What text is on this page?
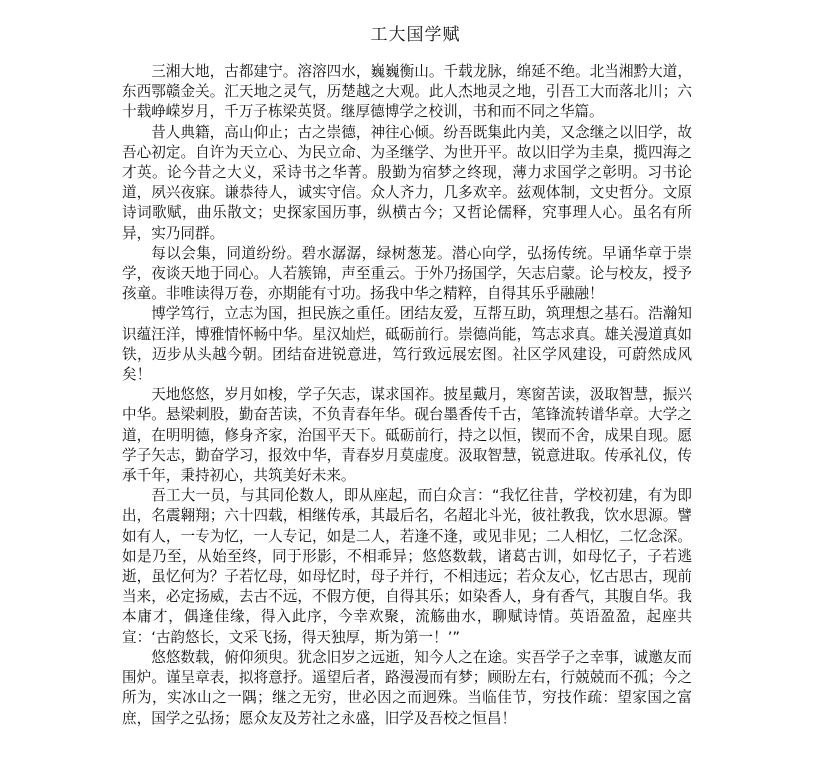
工大国学赋

三湘大地，古都建宁。溶溶四水，巍巍衡山。千载龙脉，绵延不绝。北当湘黔大道，东西鄂赣金关。汇天地之灵气，历楚越之大观。此人杰地灵之地，引吾工大而落北川；六十载峥嵘岁月，千万子栋梁英贤。继厚德博学之校训，书和而不同之华篇。

昔人典籍，高山仰止；古之崇德，神往心倾。纷吾既集此内美，又念继之以旧学，故吾心初定。自许为天立心、为民立命、为圣继学、为世开平。故以旧学为圭臬，揽四海之才英。论今昔之大义，采诗书之华菁。殷勤为宿梦之终现，薄力求国学之彰明。习书论道，夙兴夜寐。谦恭待人，诚实守信。众人齐力，几多欢辛。兹观体制，文史哲分。文原诗词歌赋，曲乐散文；史探家国历事，纵横古今；又哲论儒释，究事理人心。虽名有所异，实乃同群。

每以会集，同道纷纷。碧水潺潺，绿树葱茏。潜心向学，弘扬传统。早诵华章于崇学，夜谈天地于同心。人若簇锦，声至重云。于外乃扬国学，矢志启蒙。论与校友，授予孩童。非唯读得万卷，亦期能有寸功。扬我中华之精粹，自得其乐乎融融！

博学笃行，立志为国，担民族之重任。团结友爱，互帮互助，筑理想之基石。浩瀚知识蕴汪洋，博雅情怀畅中华。星汉灿烂，砥砺前行。崇德尚能，笃志求真。雄关漫道真如铁，迈步从头越今朝。团结奋进锐意进，笃行致远展宏图。社区学风建设，可蔚然成风矣！

天地悠悠，岁月如梭，学子矢志，谋求国祚。披星戴月，寒窗苦读，汲取智慧，振兴中华。悬梁刺股，勤奋苦读，不负青春年华。砚台墨香传千古，笔锋流转谱华章。大学之道，在明明德，修身齐家，治国平天下。砥砺前行，持之以恒，锲而不舍，成果自现。愿学子矢志，勤奋学习，报效中华，青春岁月莫虚度。汲取智慧，锐意进取。传承礼仪，传承千年，秉持初心，共筑美好未来。

吾工大一员，与其同伦数人，即从座起，而白众言：“我忆往昔，学校初建，有为即出，名震翱翔；六十四载，相继传承，其最后名，名超北斗光，彼社教我，饮水思源。譬如有人，一专为忆，一人专记，如是二人，若逢不逢，或见非见；二人相忆，二忆念深。如是乃至，从始至终，同于形影，不相乖异；悠悠数载，诸葛古训，如母忆子，子若逃逝，虽忆何为？子若忆母，如母忆时，母子并行，不相违远；若众友心，忆古思古，现前当来，必定扬威，去古不远，不假方便，自得其乐；如染香人，身有香气，其腹自华。我本庸才，偶逢佳缘，得入此序，今幸欢聚，流觞曲水，聊赋诗情。英语盈盈，起座共宣：‘古韵悠长，文采飞扬，得天独厚，斯为第一！’”

悠悠数载，俯仰须臾。犹念旧岁之远逝，知今人之在途。实吾学子之幸事，诚邀友而围炉。谨呈章表，拟将意抒。遥望后者，路漫漫而有梦；顾盼左右，行兢兢而不孤；今之所为，实冰山之一隅；继之无穷，世必因之而迥殊。当临佳节，穷技作疏：望家国之富庶，国学之弘扬；愿众友及芳社之永盛，旧学及吾校之恒昌！
